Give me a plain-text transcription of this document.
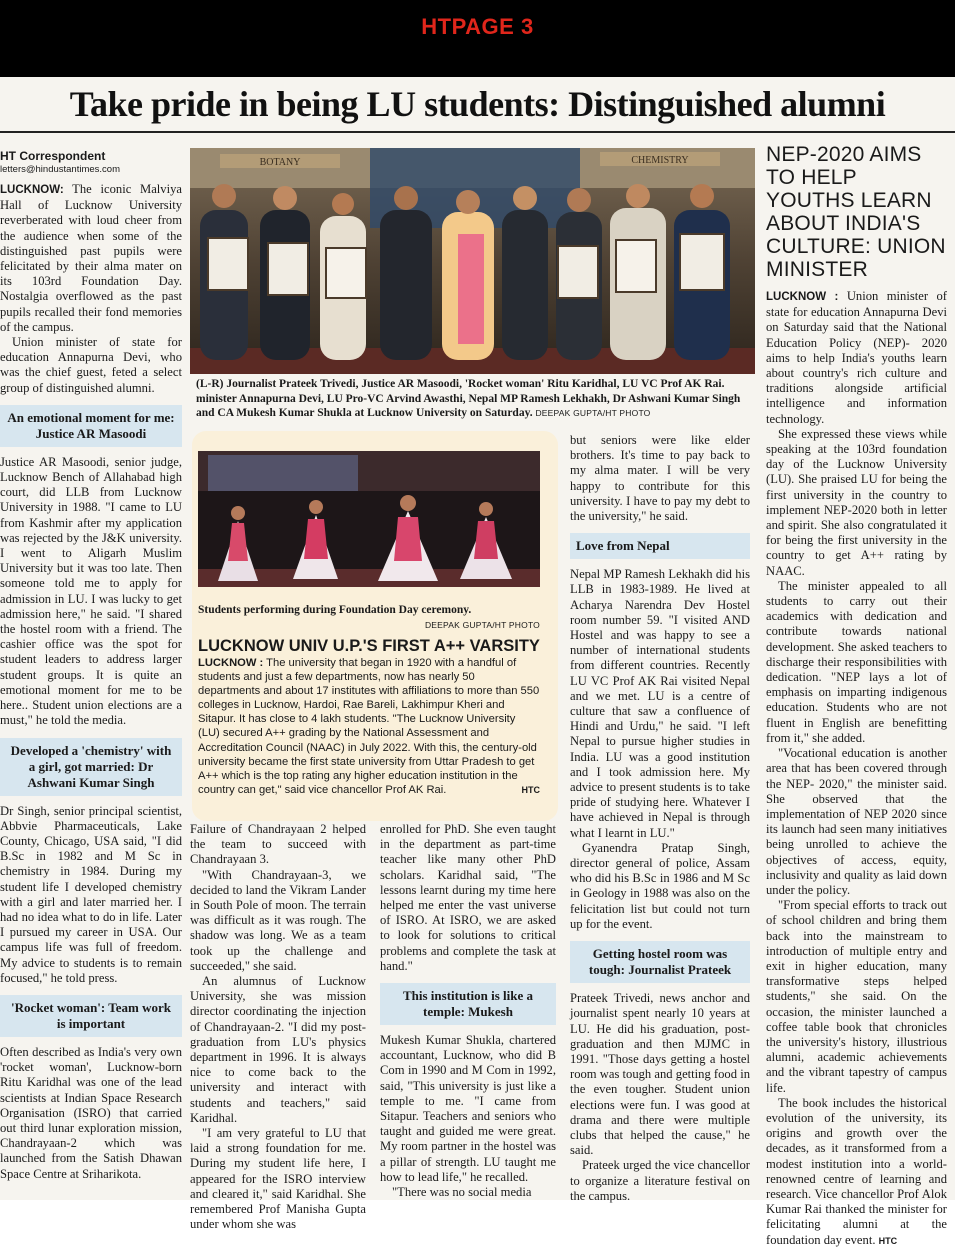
HTPAGE 3
Take pride in being LU students: Distinguished alumni
HT Correspondent
letters@hindustantimes.com
LUCKNOW: The iconic Malviya Hall of Lucknow University reverberated with loud cheer from the audience when some of the distinguished past pupils were felicitated by their alma mater on its 103rd Foundation Day. Nostalgia overflowed as the past pupils recalled their fond memories of the campus.
Union minister of state for education Annapurna Devi, who was the chief guest, feted a select group of distinguished alumni.
An emotional moment for me: Justice AR Masoodi
Justice AR Masoodi, senior judge, Lucknow Bench of Allahabad high court, did LLB from Lucknow University in 1988. "I came to LU from Kashmir after my application was rejected by the J&K university. I went to Aligarh Muslim University but it was too late. Then someone told me to apply for admission in LU. I was lucky to get admission here," he said. "I shared the hostel room with a friend. The cashier office was the spot for student leaders to address larger student groups. It is quite an emotional moment for me to be here.. Student union elections are a must," he told the media.
Developed a 'chemistry' with a girl, got married: Dr Ashwani Kumar Singh
Dr Singh, senior principal scientist, Abbvie Pharmaceuticals, Lake County, Chicago, USA said, "I did B.Sc in 1982 and M Sc in chemistry in 1984. During my student life I developed chemistry with a girl and later married her. I had no idea what to do in life. Later I pursued my career in USA. Our campus life was full of freedom. My advice to students is to remain focused," he told press.
'Rocket woman': Team work is important
Often described as India's very own 'rocket woman', Lucknow-born Ritu Karidhal was one of the lead scientists at Indian Space Research Organisation (ISRO) that carried out third lunar exploration mission, Chandrayaan-2 which was launched from the Satish Dhawan Space Centre at Sriharikota.
BOTANY	CHEMISTRY
(L-R) Journalist Prateek Trivedi, Justice AR Masoodi, 'Rocket woman' Ritu Karidhal, LU VC Prof AK Rai. minister Annapurna Devi, LU Pro-VC Arvind Awasthi, Nepal MP Ramesh Lekhakh, Dr Ashwani Kumar Singh and CA Mukesh Kumar Shukla at Lucknow University on Saturday. DEEPAK GUPTA/HT PHOTO
Students performing during Foundation Day ceremony.
DEEPAK GUPTA/HT PHOTO
LUCKNOW UNIV U.P.'S FIRST A++ VARSITY
LUCKNOW : The university that began in 1920 with a handful of students and just a few departments, now has nearly 50 departments and about 17 institutes with affiliations to more than 550 colleges in Lucknow, Hardoi, Rae Bareli, Lakhimpur Kheri and Sitapur. It has close to 4 lakh students. "The Lucknow University (LU) secured A++ grading by the National Assessment and Accreditation Council (NAAC) in July 2022. With this, the century-old university became the first state university from Uttar Pradesh to get A++ which is the top rating any higher education institution in the country can get," said vice chancellor Prof AK Rai.	HTC
Failure of Chandrayaan 2 helped the team to succeed with Chandrayaan 3.
"With Chandrayaan-3, we decided to land the Vikram Lander in South Pole of moon. The terrain was difficult as it was rough. The shadow was long. We as a team took up the challenge and succeeded," she said.
An alumnus of Lucknow University, she was mission director coordinating the injection of Chandrayaan-2. "I did my post-graduation from LU's physics department in 1996. It is always nice to come back to the university and interact with students and teachers," said Karidhal.
"I am very grateful to LU that laid a strong foundation for me. During my student life here, I appeared for the ISRO interview and cleared it," said Karidhal. She remembered Prof Manisha Gupta under whom she was
enrolled for PhD. She even taught in the department as part-time teacher like many other PhD scholars. Karidhal said, "The lessons learnt during my time here helped me enter the vast universe of ISRO. At ISRO, we are asked to look for solutions to critical problems and complete the task at hand."
This institution is like a temple: Mukesh
Mukesh Kumar Shukla, chartered accountant, Lucknow, who did B Com in 1990 and M Com in 1992, said, "This university is just like a temple to me. "I came from Sitapur. Teachers and seniors who taught and guided me were great. My room partner in the hostel was a pillar of strength. LU taught me how to lead life," he recalled.
"There was no social media
but seniors were like elder brothers. It's time to pay back to my alma mater. I will be very happy to contribute for this university. I have to pay my debt to the university," he said.
Love from Nepal
Nepal MP Ramesh Lekhakh did his LLB in 1983-1989. He lived at Acharya Narendra Dev Hostel room number 59. "I visited AND Hostel and was happy to see a number of international students from different countries. Recently LU VC Prof AK Rai visited Nepal and we met. LU is a centre of culture that saw a confluence of Hindi and Urdu," he said. "I left Nepal to pursue higher studies in India. LU was a good institution and I took admission here. My advice to present students is to take pride of studying here. Whatever I have achieved in Nepal is through what I learnt in LU."
Gyanendra Pratap Singh, director general of police, Assam who did his B.Sc in 1986 and M Sc in Geology in 1988 was also on the felicitation list but could not turn up for the event.
Getting hostel room was tough: Journalist Prateek
Prateek Trivedi, news anchor and journalist spent nearly 10 years at LU. He did his graduation, post-graduation and then MJMC in 1991. "Those days getting a hostel room was tough and getting food in the even tougher. Student union elections were fun. I was good at drama and there were multiple clubs that helped the cause," he said.
Prateek urged the vice chancellor to organize a literature festival on the campus.
NEP-2020 AIMS TO HELP YOUTHS LEARN ABOUT INDIA'S CULTURE: UNION MINISTER
LUCKNOW : Union minister of state for education Annapurna Devi on Saturday said that the National Education Policy (NEP)- 2020 aims to help India's youths learn about country's rich culture and traditions alongside artificial intelligence and information technology.
She expressed these views while speaking at the 103rd foundation day of the Lucknow University (LU). She praised LU for being the first university in the country to implement NEP-2020 both in letter and spirit. She also congratulated it for being the first university in the country to get A++ rating by NAAC.
The minister appealed to all students to carry out their academics with dedication and contribute towards national development. She asked teachers to discharge their responsibilities with dedication. "NEP lays a lot of emphasis on imparting indigenous education. Students who are not fluent in English are benefitting from it," she added.
"Vocational education is another area that has been covered through the NEP- 2020," the minister said. She observed that the implementation of NEP 2020 since its launch had seen many initiatives being unrolled to achieve the objectives of access, equity, inclusivity and quality as laid down under the policy.
"From special efforts to track out of school children and bring them back into the mainstream to introduction of multiple entry and exit in higher education, many transformative steps helped students," she said. On the occasion, the minister launched a coffee table book that chronicles the university's history, illustrious alumni, academic achievements and the vibrant tapestry of campus life.
The book includes the historical evolution of the university, its origins and growth over the decades, as it transformed from a modest institution into a world-renowned centre of learning and research. Vice chancellor Prof Alok Kumar Rai thanked the minister for felicitating alumni at the foundation day event. HTC
